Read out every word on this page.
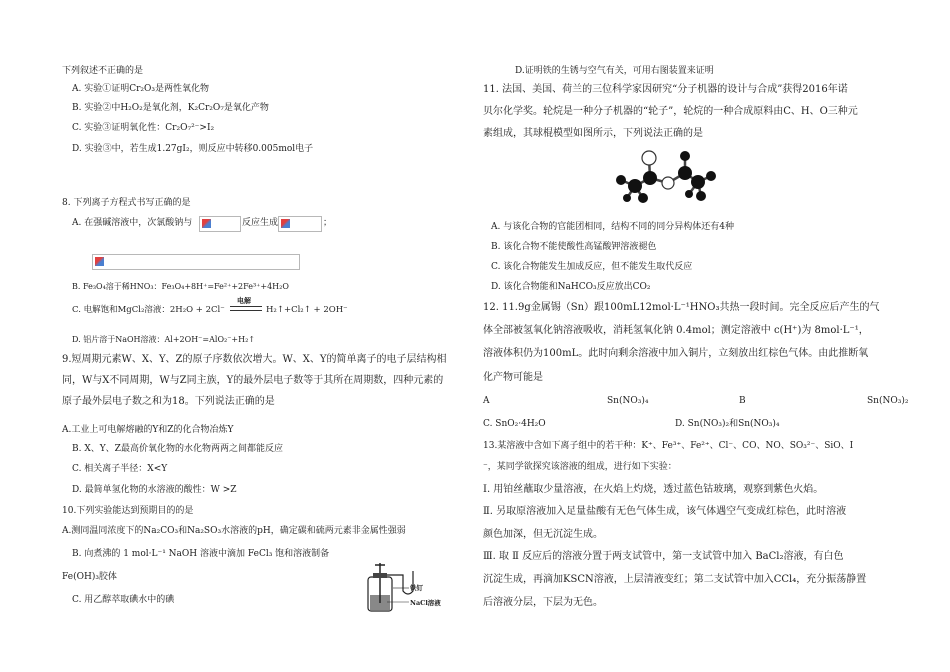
下列叙述不正确的是
A. 实验①证明Cr₂O₃是两性氧化物
B. 实验②中H₂O₂是氧化剂，K₂Cr₂O₇是氧化产物
C. 实验③证明氧化性：Cr₂O₇²⁻>I₂
D. 实验③中，若生成1.27gI₂，则反应中转移0.005mol电子
8. 下列离子方程式书写正确的是
A. 在强碱溶液中，次氯酸钠与	反应生成	；
B. Fe₃O₄溶于稀HNO₃：Fe₃O₄+8H⁺=Fe²⁺+2Fe³⁺+4H₂O
C. 电解饱和MgCl₂溶液：2H₂O + 2Cl⁻
电解
H₂↑+Cl₂↑ + 2OH⁻
D. 铝片溶于NaOH溶液：Al+2OH⁻=AlO₂⁻+H₂↑
9.短周期元素W、X、Y、Z的原子序数依次增大。W、X、Y的简单离子的电子层结构相
同，W与X不同周期，W与Z同主族，Y的最外层电子数等于其所在周期数，四种元素的
原子最外层电子数之和为18。下列说法正确的是
A.工业上可电解熔融的Y和Z的化合物冶炼Y
B. X、Y、Z最高价氧化物的水化物两两之间都能反应
C. 相关离子半径：X<Y
D. 最简单氢化物的水溶液的酸性：W >Z
10.下列实验能达到预期目的的是
A.测同温同浓度下的Na₂CO₃和Na₂SO₃水溶液的pH，确定碳和硫两元素非金属性强弱
B. 向煮沸的 1 mol·L⁻¹ NaOH 溶液中滴加 FeCl₃ 饱和溶液制备
Fe(OH)₃胶体
C. 用乙醇萃取碘水中的碘
铁钉
NaCl溶液
D.证明铁的生锈与空气有关，可用右图装置来证明
11. 法国、美国、荷兰的三位科学家因研究“分子机器的设计与合成”获得2016年诺
贝尔化学奖。轮烷是一种分子机器的“轮子”，轮烷的一种合成原料由C、H、O三种元
素组成，其球棍模型如图所示，下列说法正确的是
A. 与该化合物的官能团相同，结构不同的同分异构体还有4种
B. 该化合物不能使酸性高锰酸钾溶液褪色
C. 该化合物能发生加成反应，但不能发生取代反应
D. 该化合物能和NaHCO₃反应放出CO₂
12. 11.9g金属锡（Sn）跟100mL12mol·L⁻¹HNO₃共热一段时间。完全反应后产生的气
体全部被氢氧化钠溶液吸收，消耗氢氧化钠 0.4mol；测定溶液中 c(H⁺)为 8mol·L⁻¹，
溶液体积仍为100mL。此时向剩余溶液中加入铜片，立刻放出红棕色气体。由此推断氧
化产物可能是
A	Sn(NO₃)₄	B	Sn(NO₃)₂
C. SnO₂·4H₂O	D. Sn(NO₃)₂和Sn(NO₃)₄
13.某溶液中含如下离子组中的若干种：K⁺、Fe³⁺、Fe²⁺、Cl⁻、CO、NO、SO₃²⁻、SiO、I
⁻，某同学欲探究该溶液的组成，进行如下实验：
Ⅰ. 用铂丝蘸取少量溶液，在火焰上灼烧，透过蓝色钴玻璃，观察到紫色火焰。
Ⅱ. 另取原溶液加入足量盐酸有无色气体生成，该气体遇空气变成红棕色，此时溶液
颜色加深，但无沉淀生成。
Ⅲ. 取 Ⅱ 反应后的溶液分置于两支试管中，第一支试管中加入 BaCl₂溶液，有白色
沉淀生成，再滴加KSCN溶液，上层清液变红；第二支试管中加入CCl₄，充分振荡静置
后溶液分层，下层为无色。
